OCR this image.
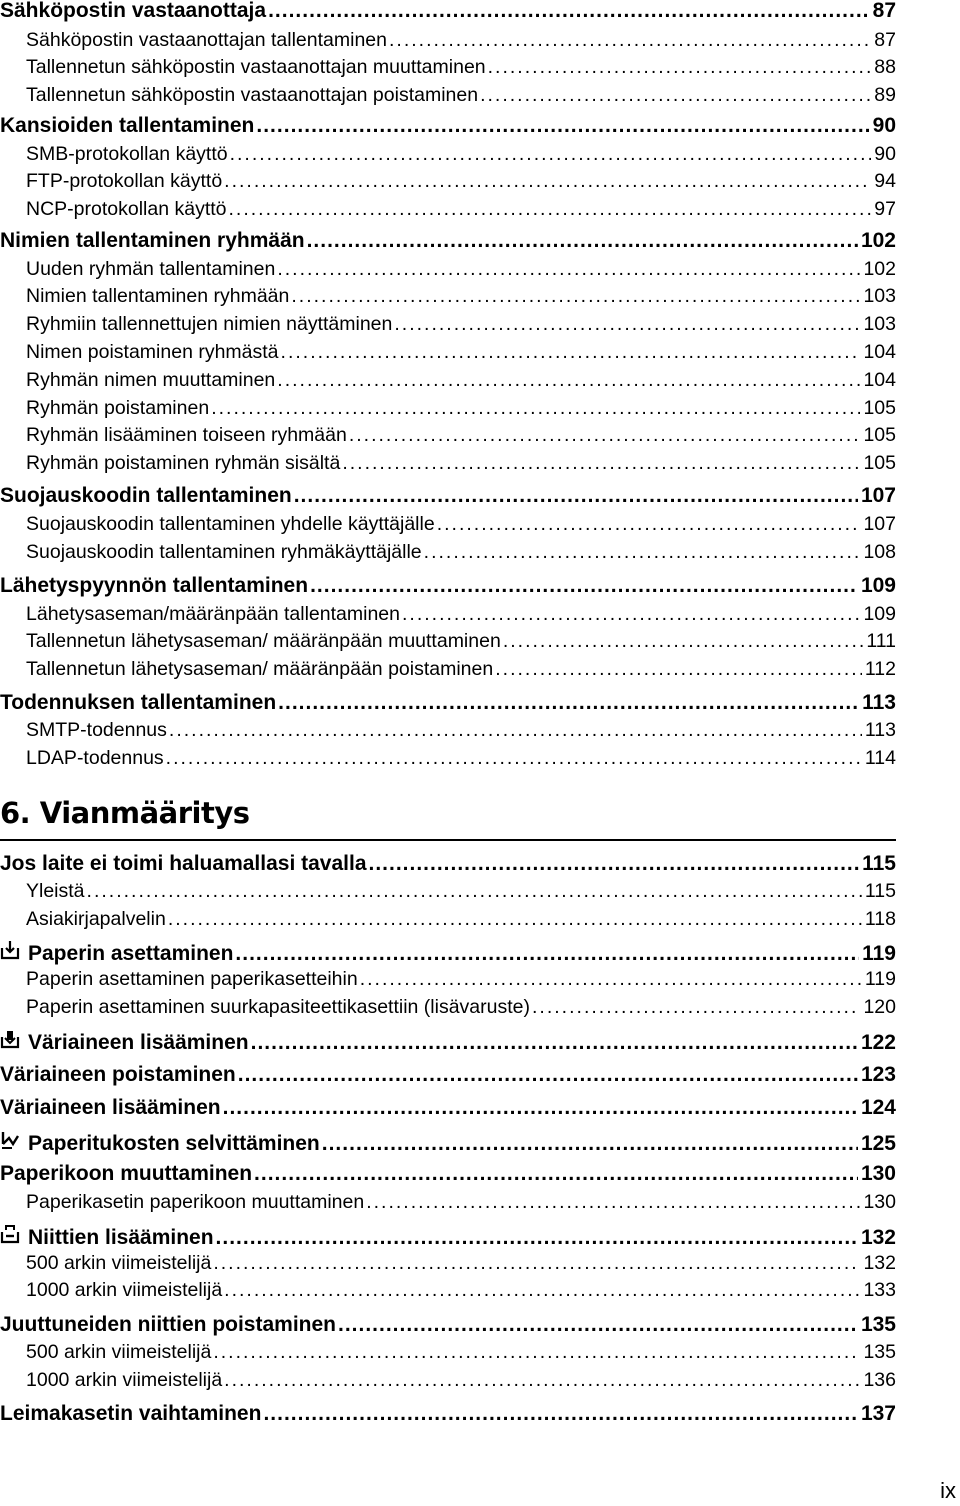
Sähköpostin vastaanottaja .....	87
Sähköpostin vastaanottajan tallentaminen .....	87
Tallennetun sähköpostin vastaanottajan muuttaminen .....	88
Tallennetun sähköpostin vastaanottajan poistaminen .....	89
Kansioiden tallentaminen .....	90
SMB-protokollan käyttö .....	90
FTP-protokollan käyttö .....	94
NCP-protokollan käyttö .....	97
Nimien tallentaminen ryhmään .....	102
Uuden ryhmän tallentaminen .....	102
Nimien tallentaminen ryhmään .....	103
Ryhmiin tallennettujen nimien näyttäminen .....	103
Nimen poistaminen ryhmästä .....	104
Ryhmän nimen muuttaminen .....	104
Ryhmän poistaminen .....	105
Ryhmän lisääminen toiseen ryhmään .....	105
Ryhmän poistaminen ryhmän sisältä .....	105
Suojauskoodin tallentaminen .....	107
Suojauskoodin tallentaminen yhdelle käyttäjälle .....	107
Suojauskoodin tallentaminen ryhmäkäyttäjälle .....	108
Lähetyspyynnön tallentaminen .....	109
Lähetysaseman/määränpään tallentaminen .....	109
Tallennetun lähetysaseman/ määränpään muuttaminen .....	111
Tallennetun lähetysaseman/ määränpään poistaminen .....	112
Todennuksen tallentaminen .....	113
SMTP-todennus .....	113
LDAP-todennus .....	114
6. Vianmääritys
Jos laite ei toimi haluamallasi tavalla .....	115
Yleistä .....	115
Asiakirjapalvelin .....	118
Paperin asettaminen .....	119
Paperin asettaminen paperikasetteihin .....	119
Paperin asettaminen suurkapasiteettikasettiin (lisävaruste) .....	120
Väriaineen lisääminen .....	122
Väriaineen poistaminen .....	123
Väriaineen lisääminen .....	124
Paperitukosten selvittäminen .....	125
Paperikoon muuttaminen .....	130
Paperikasetin paperikoon muuttaminen .....	130
Niittien lisääminen .....	132
500 arkin viimeistelijä .....	132
1000 arkin viimeistelijä .....	133
Juuttuneiden niittien poistaminen .....	135
500 arkin viimeistelijä .....	135
1000 arkin viimeistelijä .....	136
Leimakasetin vaihtaminen .....	137
ix
